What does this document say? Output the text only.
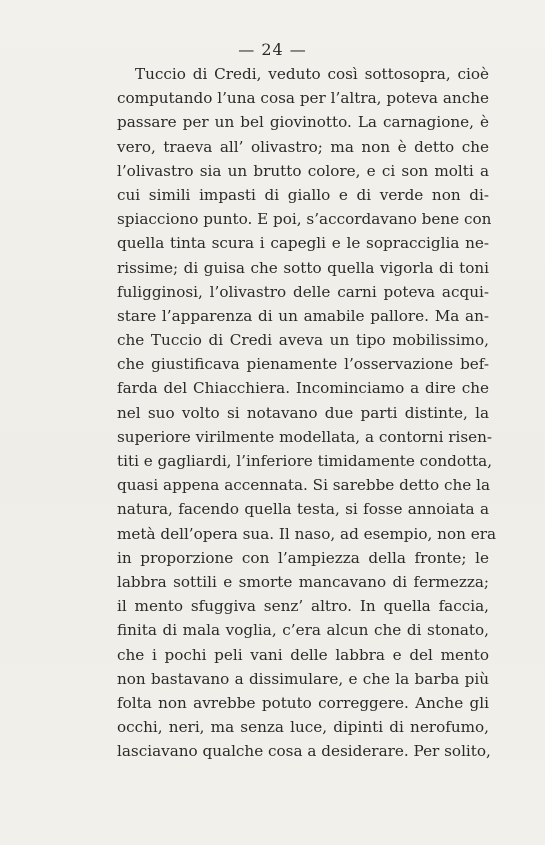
— 24 —
Tuccio di Credi, veduto così sottosopra, cioè
computando l’una cosa per l’altra, poteva anche
passare per un bel giovinotto. La carnagione, è
vero, traeva all’ olivastro; ma non è detto che
l’olivastro sia un brutto colore, e ci son molti a
cui simili impasti di giallo e di verde non di-
spiacciono punto. E poi, s’accordavano bene con
quella tinta scura i capegli e le sopracciglia ne-
rissime; di guisa che sotto quella vigorla di toni
fuligginosi, l’olivastro delle carni poteva acqui-
stare l’apparenza di un amabile pallore. Ma an-
che Tuccio di Credi aveva un tipo mobilissimo,
che giustificava pienamente l’osservazione bef-
farda del Chiacchiera. Incominciamo a dire che
nel suo volto si notavano due parti distinte, la
superiore virilmente modellata, a contorni risen-
titi e gagliardi, l’inferiore timidamente condotta,
quasi appena accennata. Si sarebbe detto che la
natura, facendo quella testa, si fosse annoiata a
metà dell’opera sua. Il naso, ad esempio, non era
in proporzione con l’ampiezza della fronte; le
labbra sottili e smorte mancavano di fermezza;
il mento sfuggiva senz’ altro. In quella faccia,
finita di mala voglia, c’era alcun che di stonato,
che i pochi peli vani delle labbra e del mento
non bastavano a dissimulare, e che la barba più
folta non avrebbe potuto correggere. Anche gli
occhi, neri, ma senza luce, dipinti di nerofumo,
lasciavano qualche cosa a desiderare. Per solito,
